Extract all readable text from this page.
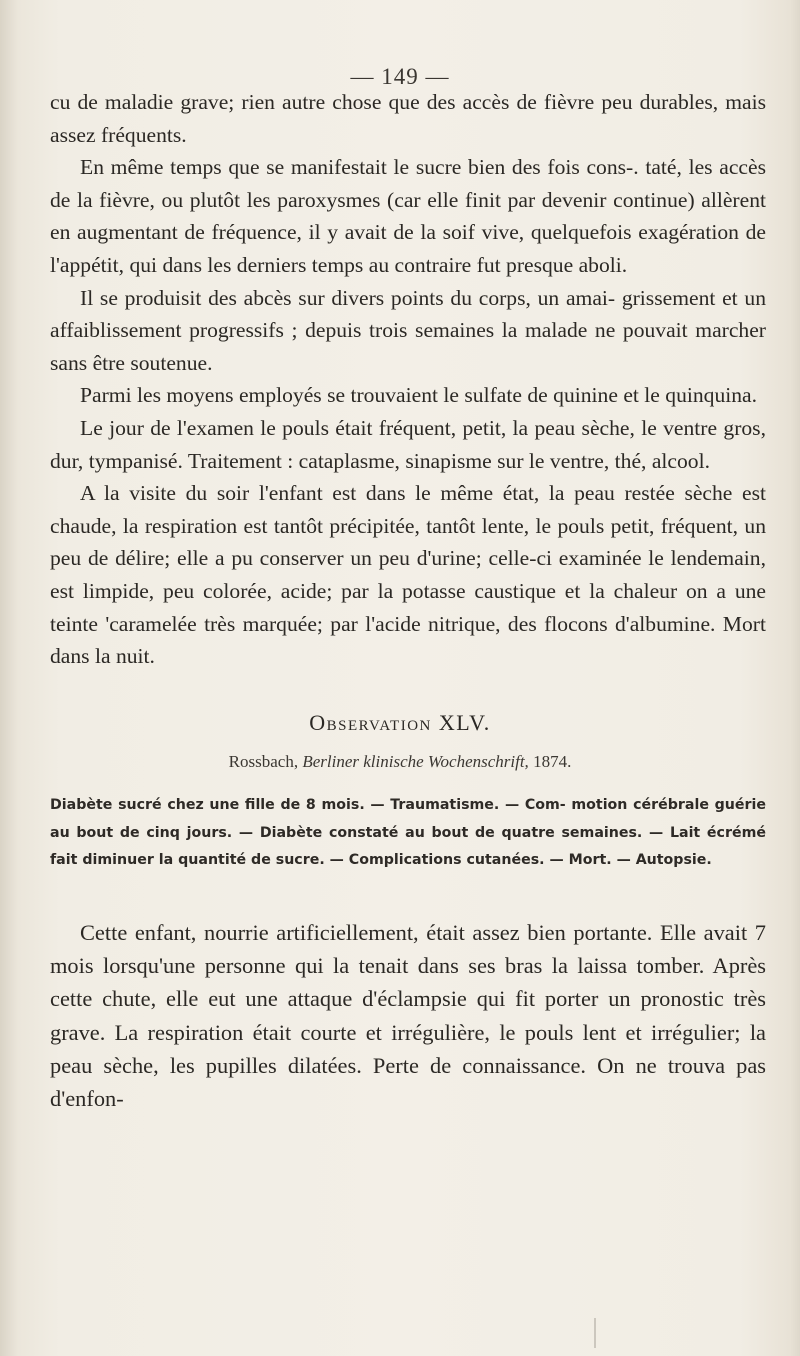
— 149 —

cu de maladie grave; rien autre chose que des accès de fièvre peu durables, mais assez fréquents.

En même temps que se manifestait le sucre bien des fois cons-. taté, les accès de la fièvre, ou plutôt les paroxysmes (car elle finit par devenir continue) allèrent en augmentant de fréquence, il y avait de la soif vive, quelquefois exagération de l'appétit, qui dans les derniers temps au contraire fut presque aboli.

Il se produisit des abcès sur divers points du corps, un amai- grissement et un affaiblissement progressifs ; depuis trois semaines la malade ne pouvait marcher sans être soutenue.

Parmi les moyens employés se trouvaient le sulfate de quinine et le quinquina.

Le jour de l'examen le pouls était fréquent, petit, la peau sèche, le ventre gros, dur, tympanisé. Traitement : cataplasme, sinapisme sur le ventre, thé, alcool.

A la visite du soir l'enfant est dans le même état, la peau restée sèche est chaude, la respiration est tantôt précipitée, tantôt lente, le pouls petit, fréquent, un peu de délire; elle a pu conserver un peu d'urine; celle-ci examinée le lendemain, est limpide, peu colorée, acide; par la potasse caustique et la chaleur on a une teinte 'caramelée très marquée; par l'acide nitrique, des flocons d'albumine. Mort dans la nuit.

Observation XLV.
Rossbach, Berliner klinische Wochenschrift, 1874.

Diabète sucré chez une fille de 8 mois. — Traumatisme. — Com- motion cérébrale guérie au bout de cinq jours. — Diabète constaté au bout de quatre semaines. — Lait écrémé fait diminuer la quantité de sucre. — Complications cutanées. — Mort. — Autopsie.

Cette enfant, nourrie artificiellement, était assez bien portante. Elle avait 7 mois lorsqu'une personne qui la tenait dans ses bras la laissa tomber. Après cette chute, elle eut une attaque d'éclampsie qui fit porter un pronostic très grave. La respiration était courte et irrégulière, le pouls lent et irrégulier; la peau sèche, les pupilles dilatées. Perte de connaissance. On ne trouva pas d'enfon-
